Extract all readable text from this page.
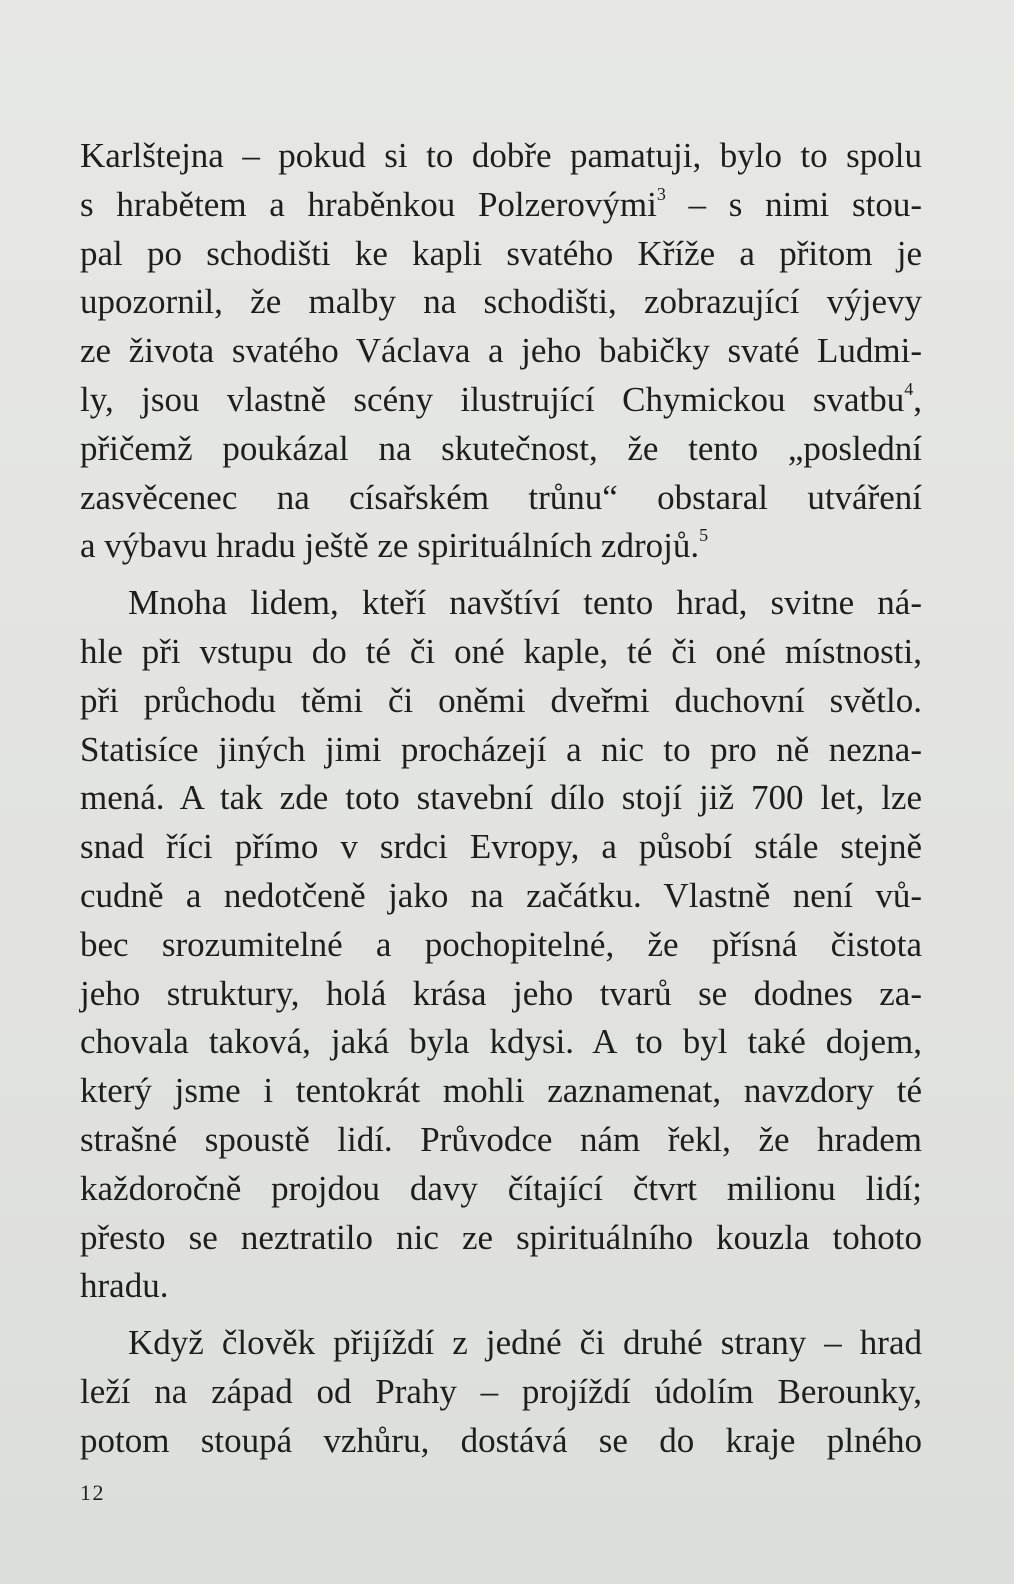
Karlštejna – pokud si to dobře pamatuji, bylo to spolu
s hrabětem a hraběnkou Polzerovými$^3$ – s nimi stou-
pal po schodišti ke kapli svatého Kříže a přitom je
upozornil, že malby na schodišti, zobrazující výjevy
ze života svatého Václava a jeho babičky svaté Ludmi-
ly, jsou vlastně scény ilustrující Chymickou svatbu$^4$,
přičemž poukázal na skutečnost, že tento „poslední
zasvěcenec na císařském trůnu“ obstaral utváření
a výbavu hradu ještě ze spirituálních zdrojů.$^5$
Mnoha lidem, kteří navštíví tento hrad, svitne ná-
hle při vstupu do té či oné kaple, té či oné místnosti,
při průchodu těmi či oněmi dveřmi duchovní světlo.
Statisíce jiných jimi procházejí a nic to pro ně nezna-
mená. A tak zde toto stavební dílo stojí již 700 let, lze
snad říci přímo v srdci Evropy, a působí stále stejně
cudně a nedotčeně jako na začátku. Vlastně není vů-
bec srozumitelné a pochopitelné, že přísná čistota
jeho struktury, holá krása jeho tvarů se dodnes za-
chovala taková, jaká byla kdysi. A to byl také dojem,
který jsme i tentokrát mohli zaznamenat, navzdory té
strašné spoustě lidí. Průvodce nám řekl, že hradem
každoročně projdou davy čítající čtvrt milionu lidí;
přesto se neztratilo nic ze spirituálního kouzla tohoto
hradu.
Když člověk přijíždí z jedné či druhé strany – hrad
leží na západ od Prahy – projíždí údolím Berounky,
potom stoupá vzhůru, dostává se do kraje plného
12
